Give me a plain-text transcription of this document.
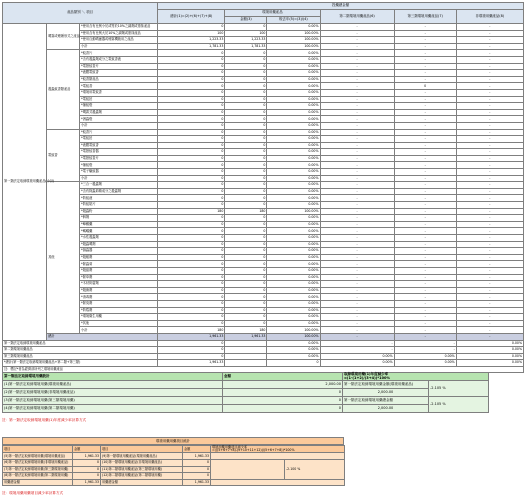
產品類別 ＼ 項目			投藥總金額					
			總計(1)=(2)+(6)+(7)+(8)	環境用藥產品		第二類環境用藥產品(6)	第三類環境用藥產品(7)	非環境用藥產品(8)
				金額(3)	較去年(5)=(3)/(4)			
第一類法定取締環境用藥產品(小計)	噴霧或煙燻形式之產品	*使用含有比例小於或等於10%之調劑或塗抹產品	0	0	0.00%	-	-	-
		*使用含有比例大於10%之調劑或塗抹產品	100	100	100.00%	-	-	-
		*使用自動噴灑器或煙霧機施用之產品	1,223.33	1,223.33	100.00%	-	-	-
		小計	1,781.33	1,781.33	100.00%	-	-	-
	殺蟲蚊香類產品	*蚊香片	0	0	0.00%	-	-	-
		*含有殺蟲劑成分之電蚊香液	0	0	0.00%	-	-	-
		*電熱蚊香片	0	0	0.00%	-	-	-
		*液體電蚊香	0	0	0.00%	-	-	-
		*蚊香類產品	0	0	0.00%	-	-	-
		*電蚊香	0	0	0.00%	-	0	-
		*環境用電蚊香	0	0	0.00%	-	-	-
		*電蚊拍	0	0	0.00%	-	-	-
		*捕蚊燈	0	0	0.00%	-	-	-
		*噴霧式殺蟲劑	0	0	0.00%	-	-	-
		*誘蟲燈	0	0	0.00%	-	-	-
		小計	0	0	0.00%	-	-	-
	電蚊香	*蚊香片	0	0	0.00%	-	-	-
		*電蚊拍	0	0	0.00%	-	-	-
		*液體電蚊香	0	0	0.00%	-	-	-
		*電熱蚊香器	0	0	0.00%	-	-	-
		*電熱蚊香片	0	0	0.00%	-	-	-
		*捕蚊燈	0	0	0.00%	-	-	-
		*電子驅蚊器	0	0	0.00%	-	-	-
		小計	0	0	0.00%	-	-	-
	其他	*三合一殺蟲劑	0	0	0.00%	-	-	-
		*含有除蟲菊精成分之殺蟲劑	0	0	0.00%	-	-	-
		*防蚊液	0	0	0.00%	-	-	-
		*防蚊貼片	0	0	0.00%	-	-	-
		*殺蟲粉	180	180	100.00%	-	-	-
		*餌劑	0	0	0.00%	-	-	-
		*蟑螂藥	0	0	0.00%	-	-	-
		*螞蟻藥	0	0	0.00%	-	-	-
		*水性殺蟲劑	0	0	0.00%	-	-	-
		*殺蟲噴劑	0	0	0.00%	-	-	-
		*滅蟲器	0	0	0.00%	-	-	-
		*殺蛆劑	0	0	0.00%	-	-	-
		*除蟲菊	0	0	0.00%	-	-	-
		*殺鼠劑	0	0	0.00%	-	-	-
		*除草劑	0	0	0.00%	-	-	-
		*木材防腐劑	0	0	0.00%	-	-	-
		*殺菌劑	0	0	0.00%	-	-	-
		*消毒劑	0	0	0.00%	-	-	-
		*除臭劑	0	0	0.00%	-	-	-
		*防霉劑	0	0	0.00%	-	-	-
		*環境衛生用藥	0	0	0.00%	-	-	-
		*其他	0	0	0.00%	-	-	-
		小計	180	180	100.00%	-	-	-
	總計		1,961.33	1,961.33	100.00%	-	-	-
第一類法定取締環境用藥產品			0		0.00%	-	-	0.00%
第二類環境用藥產品			0		0.00%	-	-	0.00%
第三類環境用藥產品			0		0.00%	0.00%	0.00%	0.00%
*總計(第一類法定取締環境用藥產品+第二類+第三類)			1,961.33		0	0.00%	0.00%	0.00%
註：標記*者為經濟部所列之環境用藥產品								
第一類法定取締環境用藥統計	金額	取締環境用藥(1)年度減少率
=(1-(1+2)/(3+4))*100%	
(1)第一類法定取締環境用藥(環境用藥產品)	2,000.00	第一類法定取締環境用藥金額(環境用藥產品)	-2.105 %
(2)第一類法定取締環境用藥(非環境用藥產品)	0	2,000.00	
(3)第一類法定取締環境用藥(第三類環境用藥)	0	第一類法定取締環境用藥總金額	-2.105 %
(4)第一類法定取締環境用藥(第二類環境用藥)	0	2,000.00	
註：第一類法定取締環境用藥(1)年度減少率計算方式
環境用藥用藥項目統計
項目	金額	項目	金額	環境用藥用藥項目減少率
=(((5+6+7+8)-(9+10+11+12))/(5+6+7+8))*100%	
(5)第一類法定取締環境用藥(環境用藥產品)	1,961.33	(9)第一類環境用藥產品(環境用藥產品)	1,961.33		
(6)第一類法定取締環境用藥(非環境用藥產品)	0	(10)第一類環境用藥產品(非環境用藥產品)	0		-2.100 %
(7)第一類法定取締環境用藥(第三類環境用藥)	0	(11)第二類環境用藥產品(第三類環境用藥)	0		
(8)第一類法定取締環境用藥(第二類環境用藥)	0	(12)第二類環境用藥產品(第二類環境用藥)	0		
用藥總金額	1,961.33	用藥總金額	1,961.33		
註：環境用藥用藥項目減少率計算方式
